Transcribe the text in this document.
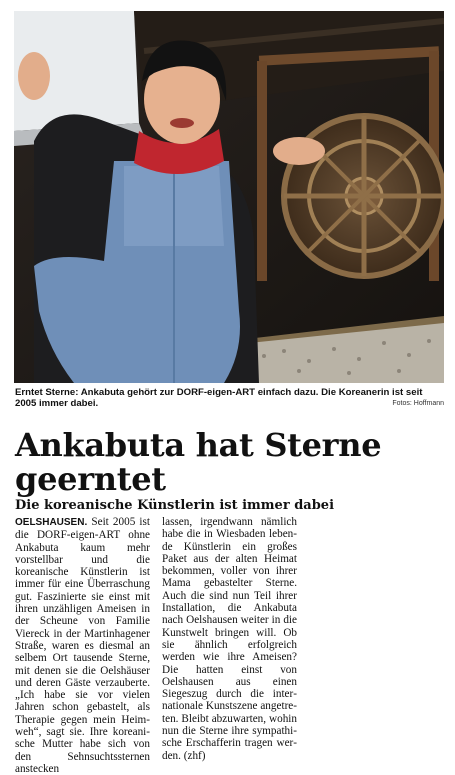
Erntet Sterne: Ankabuta gehört zur DORF-eigen-ART einfach dazu. Die Koreanerin ist seit 2005 immer dabei.	Fotos: Hoffmann
Ankabuta hat Sterne geerntet
Die koreanische Künstlerin ist immer dabei
OELSHAUSEN. Seit 2005 ist die DORF-eigen-ART ohne Ankabuta kaum mehr vorstellbar und die koreanische Künstlerin ist immer für eine Überraschung gut. Faszinierte sie einst mit ihren unzähligen Ameisen in der Scheune von Familie Viereck in der Martinhagener Straße, waren es diesmal an selbem Ort tausende Sterne, mit denen sie die Oelshäuser und deren Gäste verzauberte. „Ich habe sie vor vielen Jahren schon gebastelt, als Therapie gegen mein Heimweh“, sagt sie. Ihre koreanische Mutter habe sich von den Sehnsuchtssternen anstecken
lassen, irgendwann nämlich habe die in Wiesbaden lebende Künstlerin ein großes Paket aus der alten Heimat bekommen, voller von ihrer Mama gebastelter Sterne. Auch die sind nun Teil ihrer Installation, die Ankabuta nach Oelshausen weiter in die Kunstwelt bringen will. Ob sie ähnlich erfolgreich werden wie ihre Ameisen? Die hatten einst von Oelshausen aus einen Siegeszug durch die internationale Kunstszene angetreten. Bleibt abzuwarten, wohin nun die Sterne ihre sympathische Erschafferin tragen werden. (zhf)
